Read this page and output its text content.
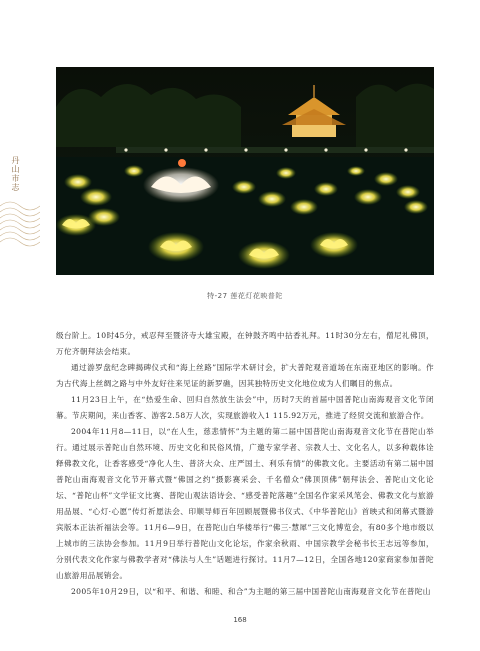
丹山市志
特-27 莲花灯花映普陀

级台阶上。10时45分，戒忍拜至暨济寺大雄宝殿，在钟鼓齐鸣中拈香礼拜。11时30分左右，僧尼礼佛顶，万佗齐朝拜法会结束。

通过游罗盘纪念碑揭碑仪式和“海上丝路”国际学术研讨会，扩大普陀观音道场在东南亚地区的影响。作为古代海上丝绸之路与中外友好往来见证的新罗礁，因其独特历史文化地位成为人们瞩目的焦点。

11月23日上午，在“热爱生命、回归自然放生法会”中，历时7天的首届中国普陀山南海观音文化节闭幕。节庆期间，来山香客、游客2.58万人次，实现旅游收入1 115.92万元，推进了经贸交流和旅游合作。

2004年11月8—11日，以“在人生，慈悲情怀”为主题的第二届中国普陀山南海观音文化节在普陀山举行。通过展示普陀山自然环境、历史文化和民俗风情，广邀专家学者、宗教人士、文化名人，以多种载体诠释佛教文化，让香客感受“净化人生、普济大众、庄严国土、利乐有情”的佛教文化。主要活动有第二届中国普陀山南海观音文化节开幕式暨“佛国之约”摄影赛采会、千名僧众“佛顶顶佛”朝拜法会、普陀山文化论坛、“普陀山杯”文学征文比赛、普陀山观法语诗会、“感受普陀落趣”全国名作家采风笔会、佛教文化与旅游用品展、“心灯·心愿”传灯祈愿法会、印顺导师百年回顾展暨佛书仪式、《中华普陀山》首映式和闭幕式暨游宾版本正法祈福法会等。11月6—9日，在普陀山白华楼举行“佛三·慧犀”三文化博览会，有80多个地市级以上城市的三法协会参加。11月9日举行普陀山文化论坛，作家余秋雨、中国宗教学会秘书长王志远等参加，分别代表文化作家与佛教学者对“佛法与人生”话题进行探讨。11月7—12日，全国各地120家商家参加普陀山旅游用品展销会。

2005年10月29日，以“和平、和谐、和睦、和合”为主题的第三届中国普陀山南海观音文化节在普陀山

168
